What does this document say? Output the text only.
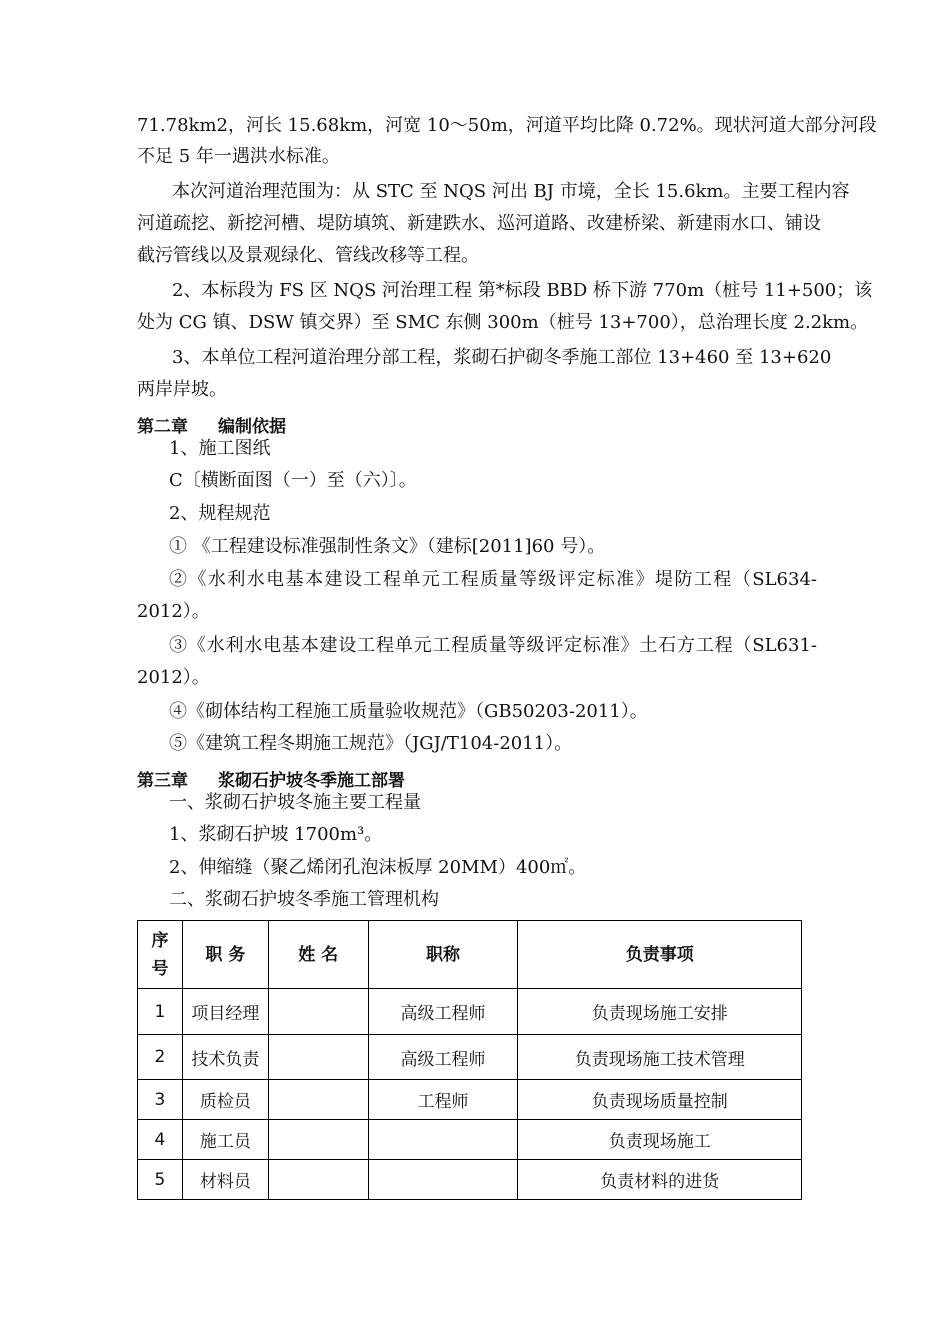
71.78km2，河长 15.68km，河宽 10～50m，河道平均比降 0.72%。现状河道大部分河段
不足 5 年一遇洪水标准。
本次河道治理范围为：从 STC 至 NQS 河出 BJ 市境，全长 15.6km。主要工程内容
河道疏挖、新挖河槽、堤防填筑、新建跌水、巡河道路、改建桥梁、新建雨水口、铺设
截污管线以及景观绿化、管线改移等工程。
2、本标段为 FS 区 NQS 河治理工程 第*标段 BBD 桥下游 770m（桩号 11+500；该
处为 CG 镇、DSW 镇交界）至 SMC 东侧 300m（桩号 13+700），总治理长度 2.2km。
3、本单位工程河道治理分部工程，浆砌石护砌冬季施工部位 13+460 至 13+620
两岸岸坡。
第二章 编制依据
1、施工图纸
C〔横断面图（一）至（六）〕。
2、规程规范
① 《工程建设标准强制性条文》（建标[2011]60 号）。
②《水利水电基本建设工程单元工程质量等级评定标准》堤防工程（SL634-
2012）。
③《水利水电基本建设工程单元工程质量等级评定标准》土石方工程（SL631-
2012）。
④《砌体结构工程施工质量验收规范》（GB50203-2011）。
⑤《建筑工程冬期施工规范》（JGJ/T104-2011）。
第三章 浆砌石护坡冬季施工部署
一、浆砌石护坡冬施主要工程量
1、浆砌石护坡 1700m³。
2、伸缩缝（聚乙烯闭孔泡沫板厚 20MM）400㎡。
二、浆砌石护坡冬季施工管理机构
序
号	职 务	姓 名	职称	负责事项
1	项目经理		高级工程师	负责现场施工安排
2	技术负责		高级工程师	负责现场施工技术管理
3	质检员		工程师	负责现场质量控制
4	施工员			负责现场施工
5	材料员			负责材料的进货
